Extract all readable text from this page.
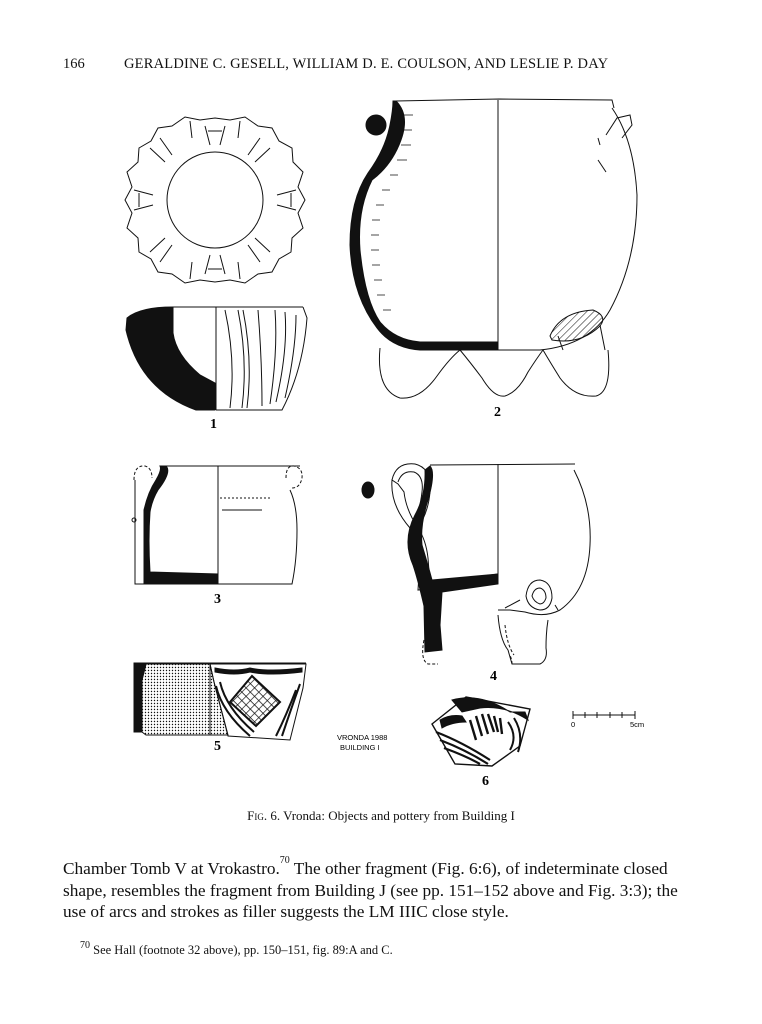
166	GERALDINE C. GESELL, WILLIAM D. E. COULSON, AND LESLIE P. DAY
1
2
3
4
5
VRONDA 1988
BUILDING I
6
0	5cm
Fig. 6. Vronda: Objects and pottery from Building I

Chamber Tomb V at Vrokastro.$^{70}$ The other fragment (Fig. 6:6), of indeterminate closed shape, resembles the fragment from Building J (see pp. 151–152 above and Fig. 3:3); the use of arcs and strokes as filler suggests the LM IIIC close style.

$^{70}$ See Hall (footnote 32 above), pp. 150–151, fig. 89:A and C.
